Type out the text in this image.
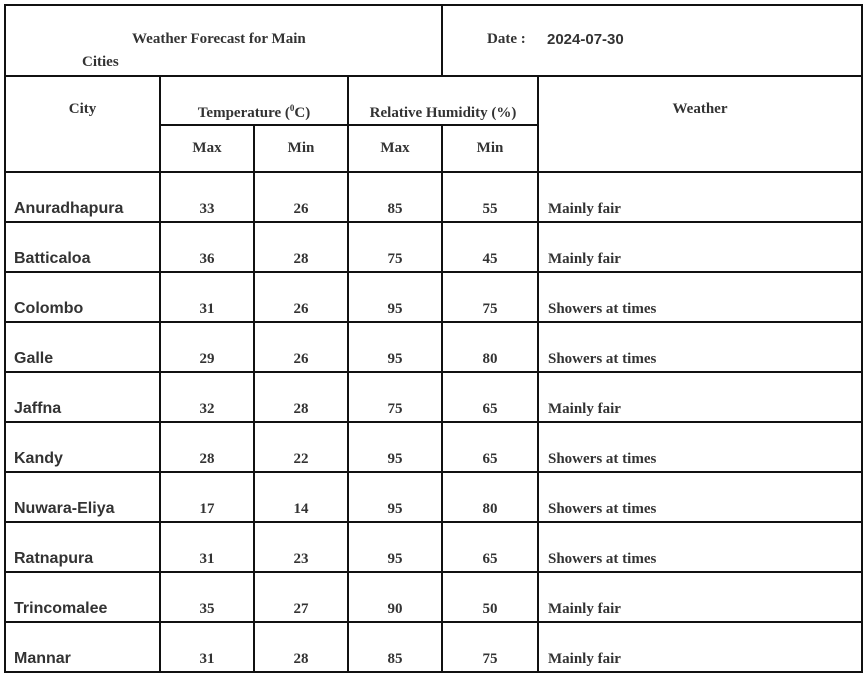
Weather Forecast for Main
Cities				Date : 2024-07-30	

City	Temperature ($^0$C)		Relative Humidity (%)		Weather
	Max	Min	Max	Min	
Anuradhapura	33	26	85	55	Mainly fair
Batticaloa	36	28	75	45	Mainly fair
Colombo	31	26	95	75	Showers at times
Galle	29	26	95	80	Showers at times
Jaffna	32	28	75	65	Mainly fair
Kandy	28	22	95	65	Showers at times
Nuwara-Eliya	17	14	95	80	Showers at times
Ratnapura	31	23	95	65	Showers at times
Trincomalee	35	27	90	50	Mainly fair
Mannar	31	28	85	75	Mainly fair
